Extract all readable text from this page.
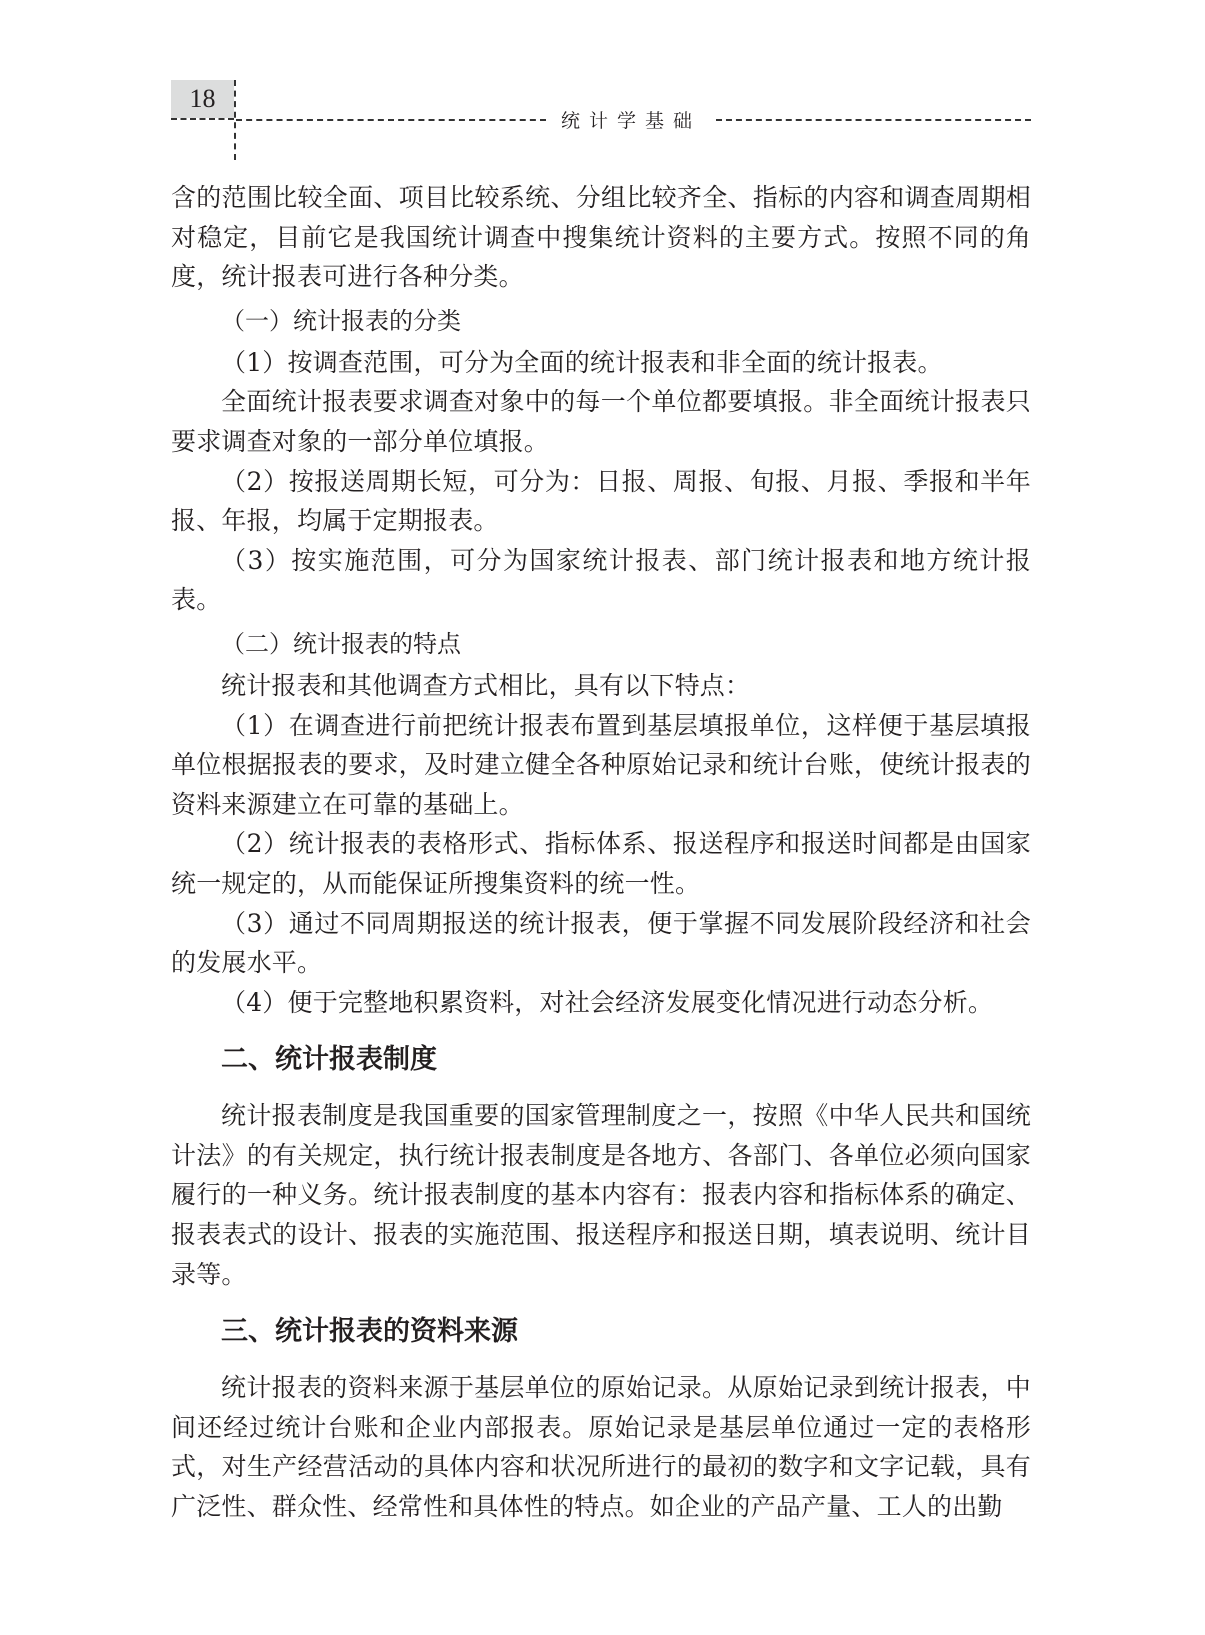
18
统计学基础

含的范围比较全面、项目比较系统、分组比较齐全、指标的内容和调查周期相对稳定，目前它是我国统计调查中搜集统计资料的主要方式。按照不同的角度，统计报表可进行各种分类。

（一）统计报表的分类

（1）按调查范围，可分为全面的统计报表和非全面的统计报表。

全面统计报表要求调查对象中的每一个单位都要填报。非全面统计报表只要求调查对象的一部分单位填报。

（2）按报送周期长短，可分为：日报、周报、旬报、月报、季报和半年报、年报，均属于定期报表。

（3）按实施范围，可分为国家统计报表、部门统计报表和地方统计报表。

（二）统计报表的特点

统计报表和其他调查方式相比，具有以下特点：

（1）在调查进行前把统计报表布置到基层填报单位，这样便于基层填报单位根据报表的要求，及时建立健全各种原始记录和统计台账，使统计报表的资料来源建立在可靠的基础上。

（2）统计报表的表格形式、指标体系、报送程序和报送时间都是由国家统一规定的，从而能保证所搜集资料的统一性。

（3）通过不同周期报送的统计报表，便于掌握不同发展阶段经济和社会的发展水平。

（4）便于完整地积累资料，对社会经济发展变化情况进行动态分析。

二、统计报表制度

统计报表制度是我国重要的国家管理制度之一，按照《中华人民共和国统计法》的有关规定，执行统计报表制度是各地方、各部门、各单位必须向国家履行的一种义务。统计报表制度的基本内容有：报表内容和指标体系的确定、报表表式的设计、报表的实施范围、报送程序和报送日期，填表说明、统计目录等。

三、统计报表的资料来源

统计报表的资料来源于基层单位的原始记录。从原始记录到统计报表，中间还经过统计台账和企业内部报表。原始记录是基层单位通过一定的表格形式，对生产经营活动的具体内容和状况所进行的最初的数字和文字记载，具有广泛性、群众性、经常性和具体性的特点。如企业的产品产量、工人的出勤
